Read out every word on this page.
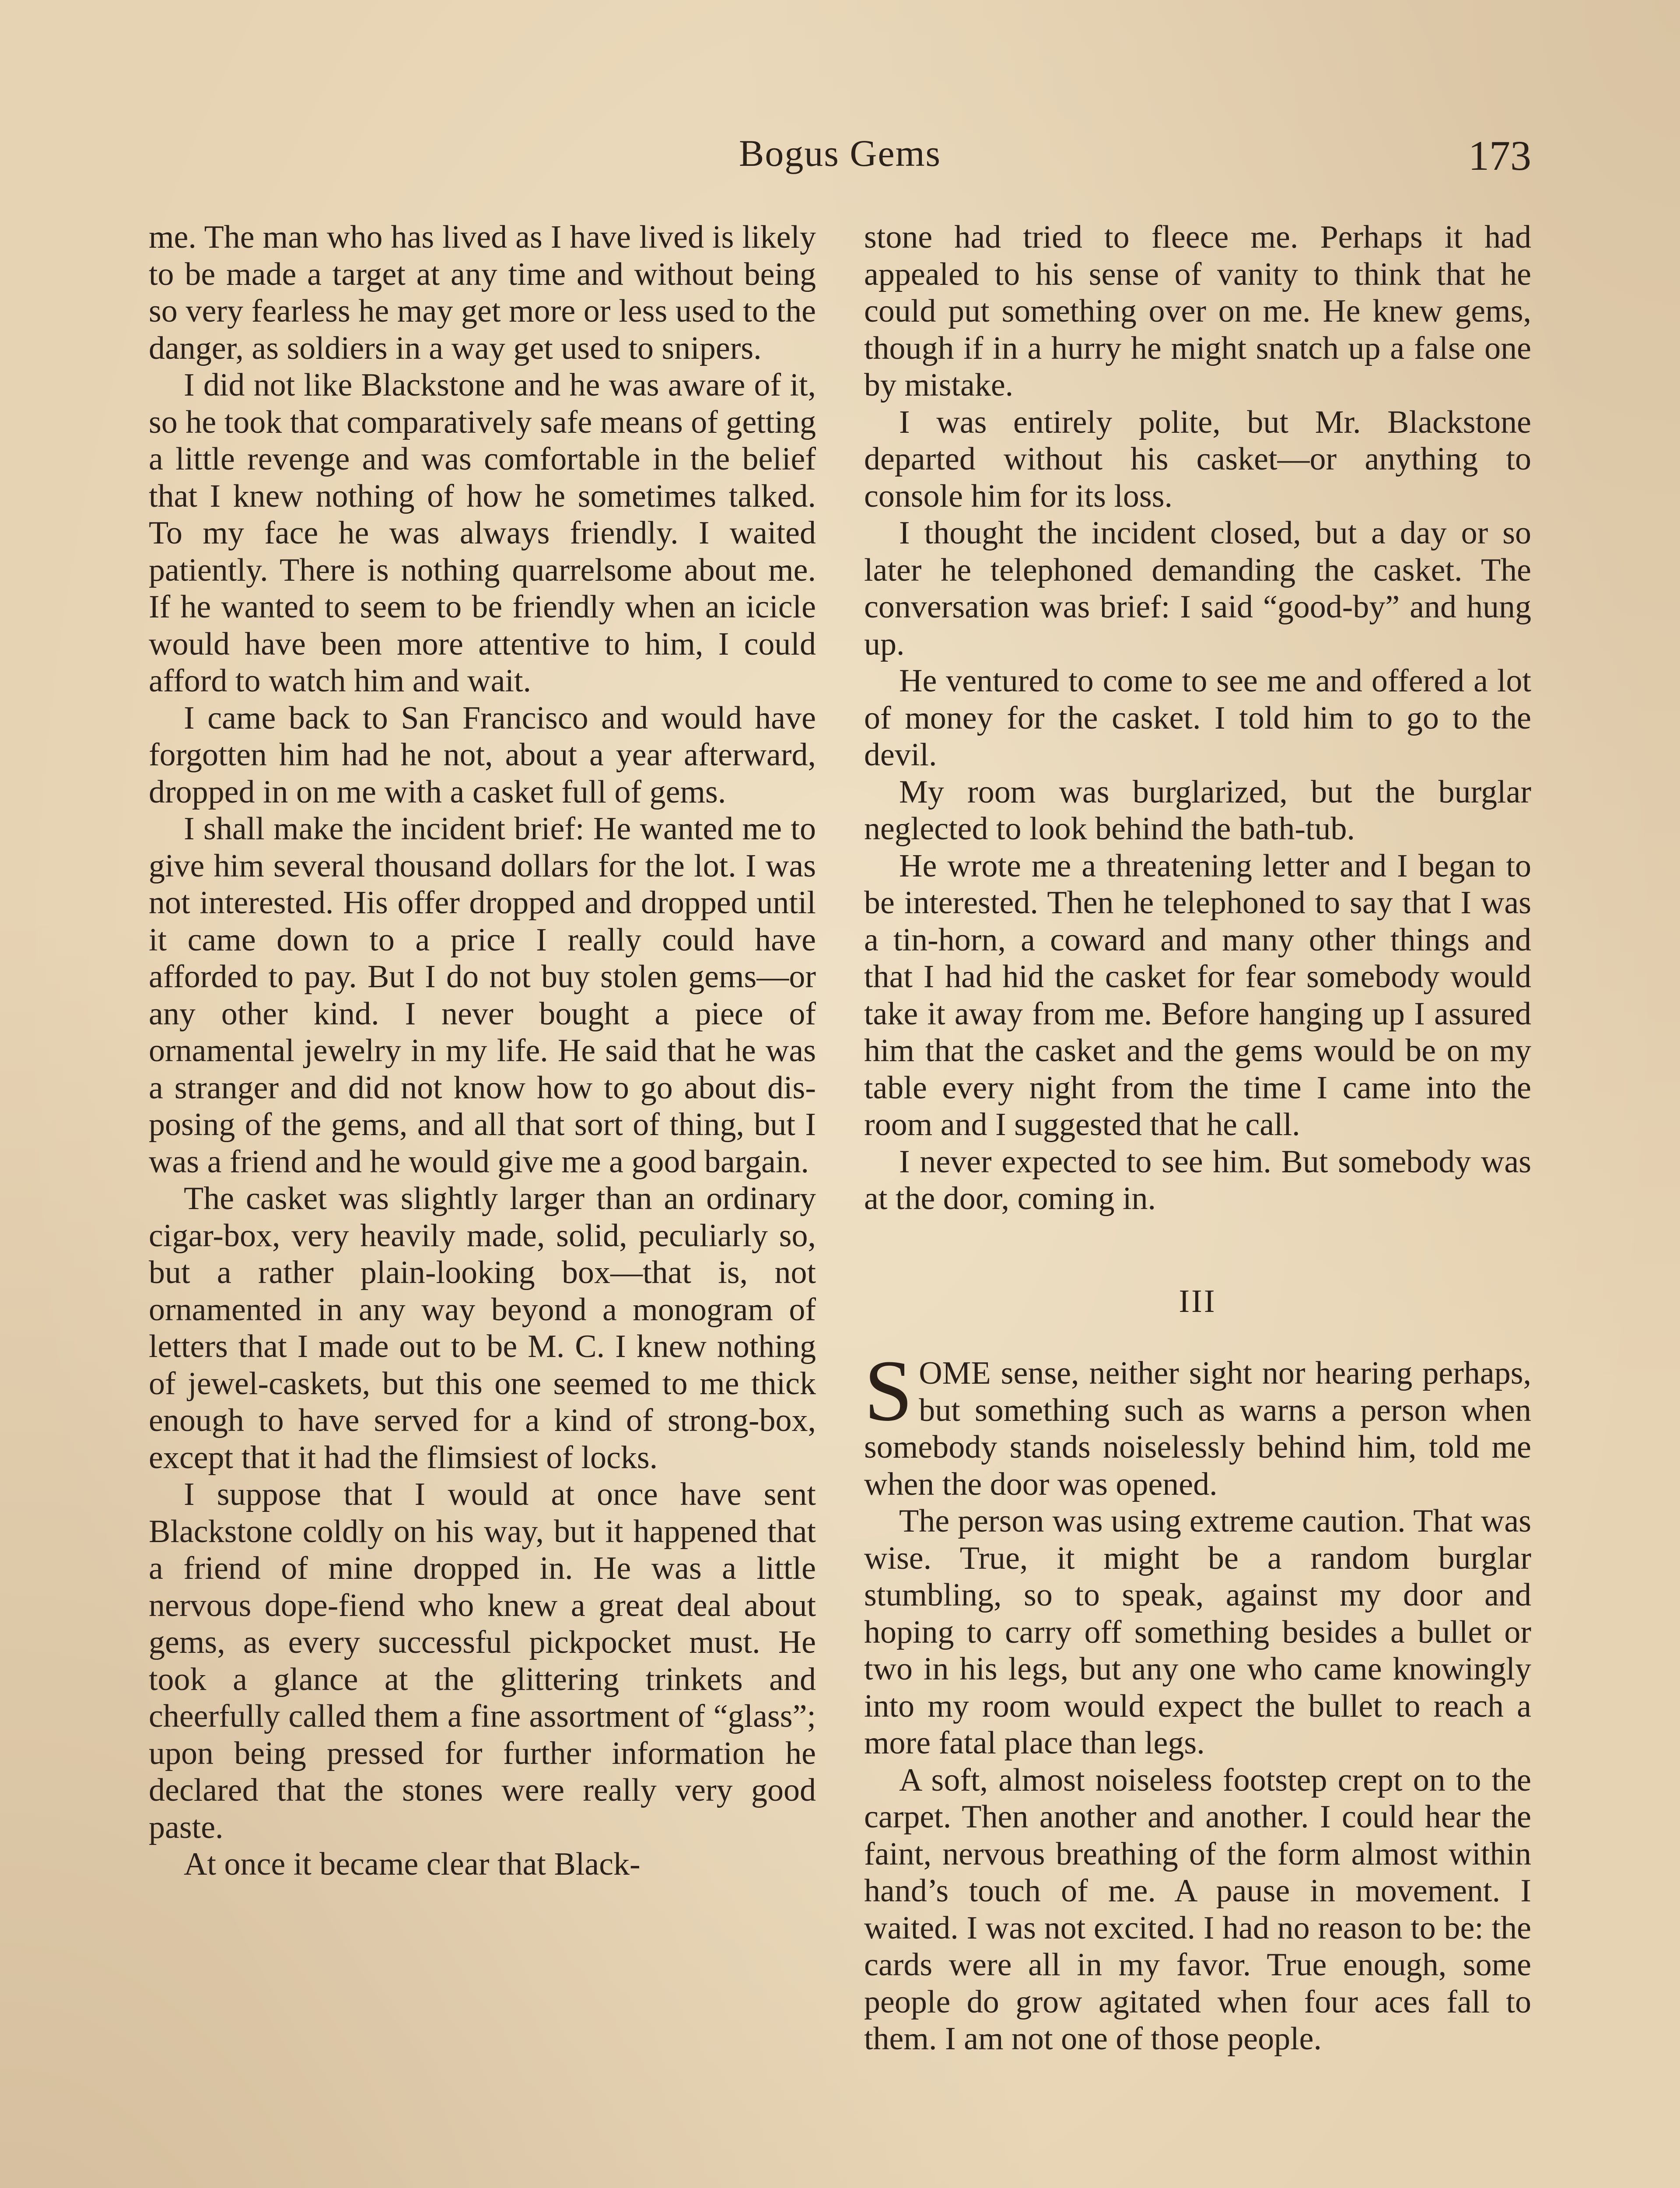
Bogus Gems	173

me. The man who has lived as I have lived is likely to be made a target at any time and without being so very fearless he may get more or less used to the danger, as soldiers in a way get used to snipers.

I did not like Blackstone and he was aware of it, so he took that comparatively safe means of getting a little revenge and was comfortable in the belief that I knew nothing of how he sometimes talked. To my face he was always friendly. I waited patiently. There is nothing quarrelsome about me. If he wanted to seem to be friendly when an icicle would have been more attentive to him, I could afford to watch him and wait.

I came back to San Francisco and would have forgotten him had he not, about a year afterward, dropped in on me with a casket full of gems.

I shall make the incident brief: He wanted me to give him several thousand dollars for the lot. I was not interested. His offer dropped and dropped until it came down to a price I really could have afforded to pay. But I do not buy stolen gems—or any other kind. I never bought a piece of ornamental jewelry in my life. He said that he was a stranger and did not know how to go about disposing of the gems, and all that sort of thing, but I was a friend and he would give me a good bargain.

The casket was slightly larger than an ordinary cigar-box, very heavily made, solid, peculiarly so, but a rather plain-looking box—that is, not ornamented in any way beyond a monogram of letters that I made out to be M. C. I knew nothing of jewel-caskets, but this one seemed to me thick enough to have served for a kind of strong-box, except that it had the flimsiest of locks.

I suppose that I would at once have sent Blackstone coldly on his way, but it happened that a friend of mine dropped in. He was a little nervous dope-fiend who knew a great deal about gems, as every successful pickpocket must. He took a glance at the glittering trinkets and cheerfully called them a fine assortment of “glass”; upon being pressed for further information he declared that the stones were really very good paste.

At once it became clear that Black-

stone had tried to fleece me. Perhaps it had appealed to his sense of vanity to think that he could put something over on me. He knew gems, though if in a hurry he might snatch up a false one by mistake.

I was entirely polite, but Mr. Blackstone departed without his casket—or anything to console him for its loss.

I thought the incident closed, but a day or so later he telephoned demanding the casket. The conversation was brief: I said “good-by” and hung up.

He ventured to come to see me and offered a lot of money for the casket. I told him to go to the devil.

My room was burglarized, but the burglar neglected to look behind the bath-tub.

He wrote me a threatening letter and I began to be interested. Then he telephoned to say that I was a tin-horn, a coward and many other things and that I had hid the casket for fear somebody would take it away from me. Before hanging up I assured him that the casket and the gems would be on my table every night from the time I came into the room and I suggested that he call.

I never expected to see him. But somebody was at the door, coming in.

III

SOME sense, neither sight nor hearing perhaps, but something such as warns a person when somebody stands noiselessly behind him, told me when the door was opened.

The person was using extreme caution. That was wise. True, it might be a random burglar stumbling, so to speak, against my door and hoping to carry off something besides a bullet or two in his legs, but any one who came knowingly into my room would expect the bullet to reach a more fatal place than legs.

A soft, almost noiseless footstep crept on to the carpet. Then another and another. I could hear the faint, nervous breathing of the form almost within hand’s touch of me. A pause in movement. I waited. I was not excited. I had no reason to be: the cards were all in my favor. True enough, some people do grow agitated when four aces fall to them. I am not one of those people.
